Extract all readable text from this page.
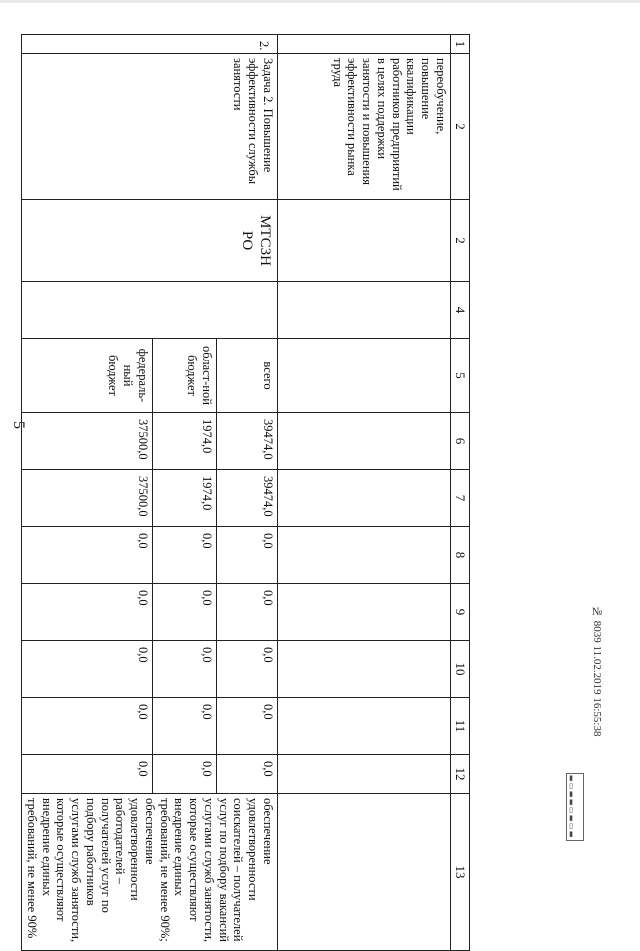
5
1	2	2	4	5	6	7	8	9	10	11	12	13
	переобучение, повышение квалификации работников предприятий в целях поддержки занятости и повышения эффективности рынка труда											
2.	Задача 2. Повышение эффективности службы занятости	МТСЗН РО		всего	39474,0	39474,0	0,0	0,0	0,0	0,0	0,0	обеспечение удовлетворенности соискателей – получателей услуг по подбору вакансий услугами служб занятости, которые осуществляют внедрение единых требований, не менее 90%; обеспечение удовлетворенности работодателей – получателей услуг по подбору работников услугами служб занятости, которые осуществляют внедрение единых требований, не менее 90%
				област-ной бюджет	1974,0	1974,0	0,0	0,0	0,0	0,0	0,0	
				федераль-ный бюджет	37500,0	37500,0	0,0	0,0	0,0	0,0	0,0	
№ 8039 11.02.2019 16:55:38
▮▯▮▮▯▮▯▮
